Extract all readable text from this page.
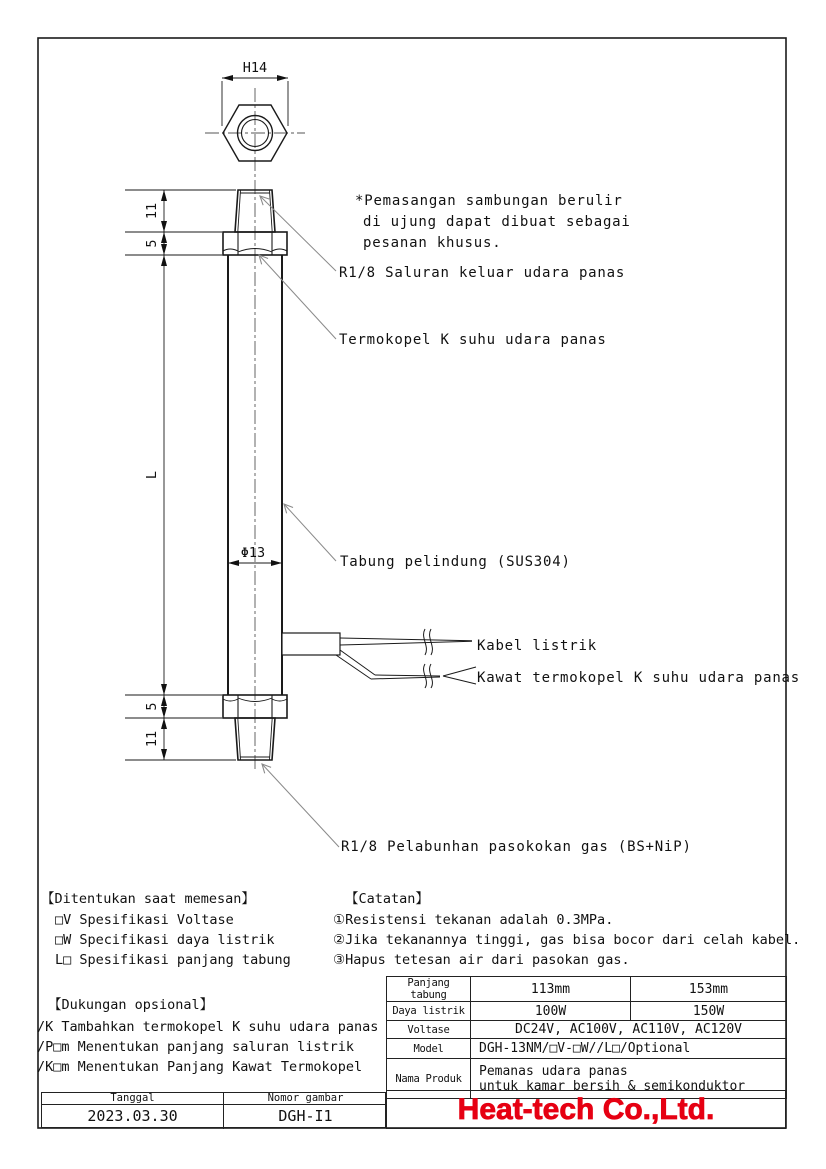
H14
11
5
L
5
11
Φ13
*Pemasangan sambungan berulir
di ujung dapat dibuat sebagai
pesanan khusus.
R1/8 Saluran keluar udara panas
Termokopel K suhu udara panas
Tabung pelindung (SUS304)
Kabel listrik
Kawat termokopel K suhu udara panas
R1/8 Pelabunhan pasokokan gas (BS+NiP)
【Ditentukan saat memesan】
□V Spesifikasi Voltase
□W Specifikasi daya listrik
L□ Spesifikasi panjang tabung
【Catatan】
①Resistensi tekanan adalah 0.3MPa.
②Jika tekanannya tinggi, gas bisa bocor dari celah kabel.
③Hapus tetesan air dari pasokan gas.
【Dukungan opsional】
/K Tambahkan termokopel K suhu udara panas
/P□m Menentukan panjang saluran listrik
/K□m Menentukan Panjang Kawat Termokopel
Panjang tabung	113mm	153mm
Daya listrik	100W	150W
Voltase	DC24V, AC100V, AC110V, AC120V	
Model	DGH-13NM/□V-□W//L□/Optional	
Nama Produk	Pemanas udara panas
untuk kamar bersih & semikonduktor	
Tanggal	Nomor gambar
2023.03.30	DGH-I1	Heat-tech Co.,Ltd.
